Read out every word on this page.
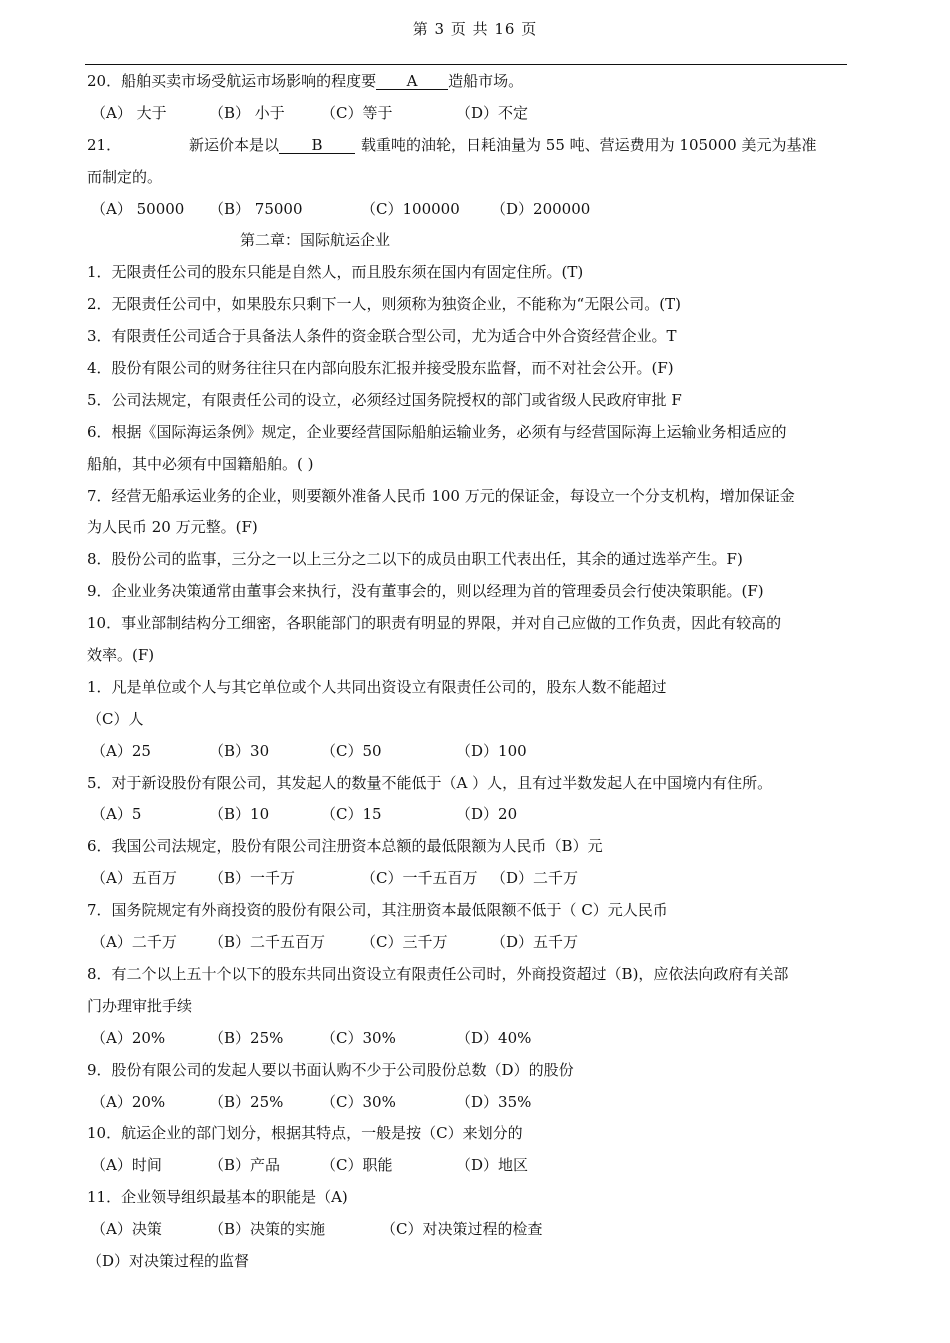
第 3 页 共 16 页
20．船舶买卖市场受航运市场影响的程度要 A 造船市场。
（A） 大于	（B） 小于 （C）等于	（D）不定
21．	新运价本是以 B	载重吨的油轮，日耗油量为 55 吨、营运费用为 105000 美元为基准
而制定的。
（A） 50000 （B） 75000	（C）100000 （D）200000
第二章：国际航运企业
1．无限责任公司的股东只能是自然人，而且股东须在国内有固定住所。(T)
2．无限责任公司中，如果股东只剩下一人，则须称为独资企业，不能称为“无限公司。(T)
3．有限责任公司适合于具备法人条件的资金联合型公司，尤为适合中外合资经营企业。T
4．股份有限公司的财务往往只在内部向股东汇报并接受股东监督，而不对社会公开。(F)
5．公司法规定，有限责任公司的设立，必须经过国务院授权的部门或省级人民政府审批 F
6．根据《国际海运条例》规定，企业要经营国际船舶运输业务，必须有与经营国际海上运输业务相适应的
船舶，其中必须有中国籍船舶。( )
7．经营无船承运业务的企业，则要额外准备人民币 100 万元的保证金，每设立一个分支机构，增加保证金
为人民币 20 万元整。(F)
8．股份公司的监事，三分之一以上三分之二以下的成员由职工代表出任，其余的通过选举产生。F)
9．企业业务决策通常由董事会来执行，没有董事会的，则以经理为首的管理委员会行使决策职能。(F)
10．事业部制结构分工细密，各职能部门的职责有明显的界限，并对自己应做的工作负责，因此有较高的
效率。(F)
1．凡是单位或个人与其它单位或个人共同出资设立有限责任公司的，股东人数不能超过
（C）人
（A）25	（B）30	（C）50	（D）100
5．对于新设股份有限公司，其发起人的数量不能低于（A ）人，且有过半数发起人在中国境内有住所。
（A）5	（B）10	（C）15	（D）20
6．我国公司法规定，股份有限公司注册资本总额的最低限额为人民币（B）元
（A）五百万 （B）一千万	（C）一千五百万 （D）二千万
7．国务院规定有外商投资的股份有限公司，其注册资本最低限额不低于（ C）元人民币
（A）二千万 （B）二千五百万 （C）三千万	（D）五千万
8．有二个以上五十个以下的股东共同出资设立有限责任公司时，外商投资超过（B)，应依法向政府有关部
门办理审批手续
（A）20%	（B）25%	（C）30%	（D）40%
9．股份有限公司的发起人要以书面认购不少于公司股份总数（D）的股份
（A）20%	（B）25%	（C）30%	（D）35%
10．航运企业的部门划分，根据其特点，一般是按（C）来划分的
（A）时间	（B）产品	（C）职能	（D）地区
11．企业领导组织最基本的职能是（A)
（A）决策	（B）决策的实施	（C）对决策过程的检查
（D）对决策过程的监督
